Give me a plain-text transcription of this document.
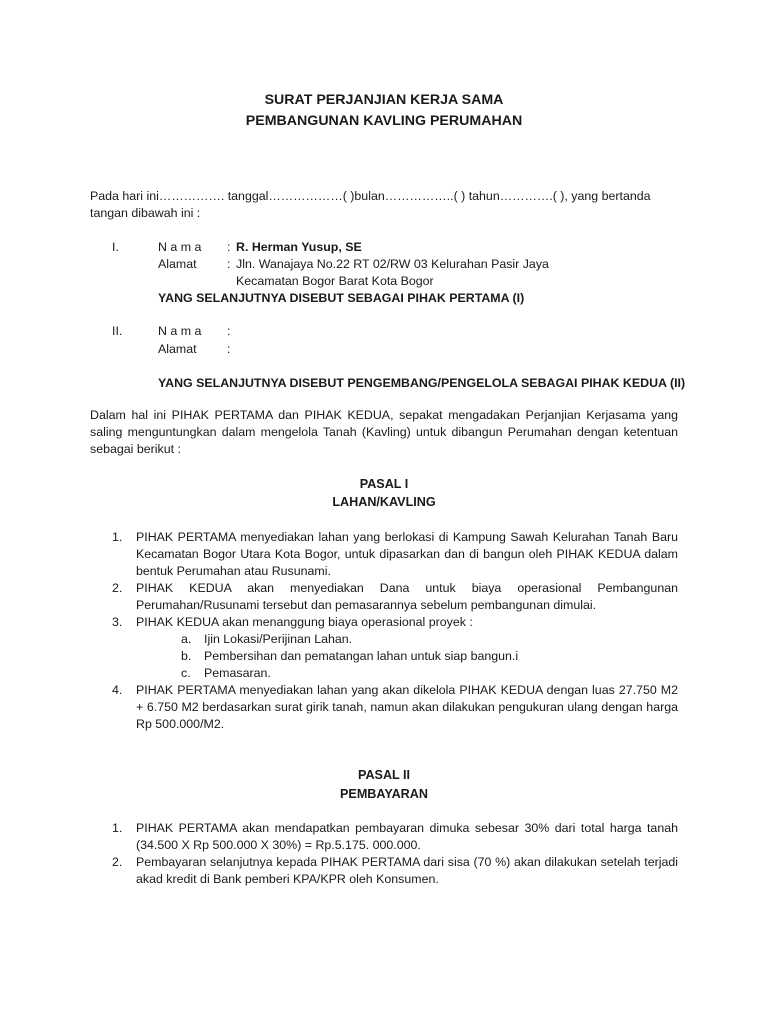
SURAT PERJANJIAN KERJA SAMA
PEMBANGUNAN KAVLING PERUMAHAN
Pada hari ini……………. tanggal………………( )bulan……………..( ) tahun………….( ), yang bertanda
tangan dibawah ini :
I.	N a m a : R. Herman Yusup, SE
Alamat : Jln. Wanajaya No.22 RT 02/RW 03 Kelurahan Pasir Jaya
Kecamatan Bogor Barat Kota Bogor
YANG SELANJUTNYA DISEBUT SEBAGAI PIHAK PERTAMA (I)
II.	N a m a :
Alamat :
YANG SELANJUTNYA DISEBUT PENGEMBANG/PENGELOLA SEBAGAI PIHAK KEDUA (II)
Dalam hal ini PIHAK PERTAMA dan PIHAK KEDUA, sepakat mengadakan Perjanjian Kerjasama yang saling menguntungkan dalam mengelola Tanah (Kavling) untuk dibangun Perumahan dengan ketentuan sebagai berikut :
PASAL I
LAHAN/KAVLING
1. PIHAK PERTAMA menyediakan lahan yang berlokasi di Kampung Sawah Kelurahan Tanah Baru Kecamatan Bogor Utara Kota Bogor, untuk dipasarkan dan di bangun oleh PIHAK KEDUA dalam bentuk Perumahan atau Rusunami.
2. PIHAK KEDUA akan menyediakan Dana untuk biaya operasional Pembangunan Perumahan/Rusunami tersebut dan pemasarannya sebelum pembangunan dimulai.
3. PIHAK KEDUA akan menanggung biaya operasional proyek :
a. Ijin Lokasi/Perijinan Lahan.
b. Pembersihan dan pematangan lahan untuk siap bangun.i
c. Pemasaran.
4. PIHAK PERTAMA menyediakan lahan yang akan dikelola PIHAK KEDUA dengan luas 27.750 M2 + 6.750 M2 berdasarkan surat girik tanah, namun akan dilakukan pengukuran ulang dengan harga Rp 500.000/M2.
PASAL II
PEMBAYARAN
1. PIHAK PERTAMA akan mendapatkan pembayaran dimuka sebesar 30% dari total harga tanah (34.500 X Rp 500.000 X 30%) = Rp.5.175. 000.000.
2. Pembayaran selanjutnya kepada PIHAK PERTAMA dari sisa (70 %) akan dilakukan setelah terjadi akad kredit di Bank pemberi KPA/KPR oleh Konsumen.
